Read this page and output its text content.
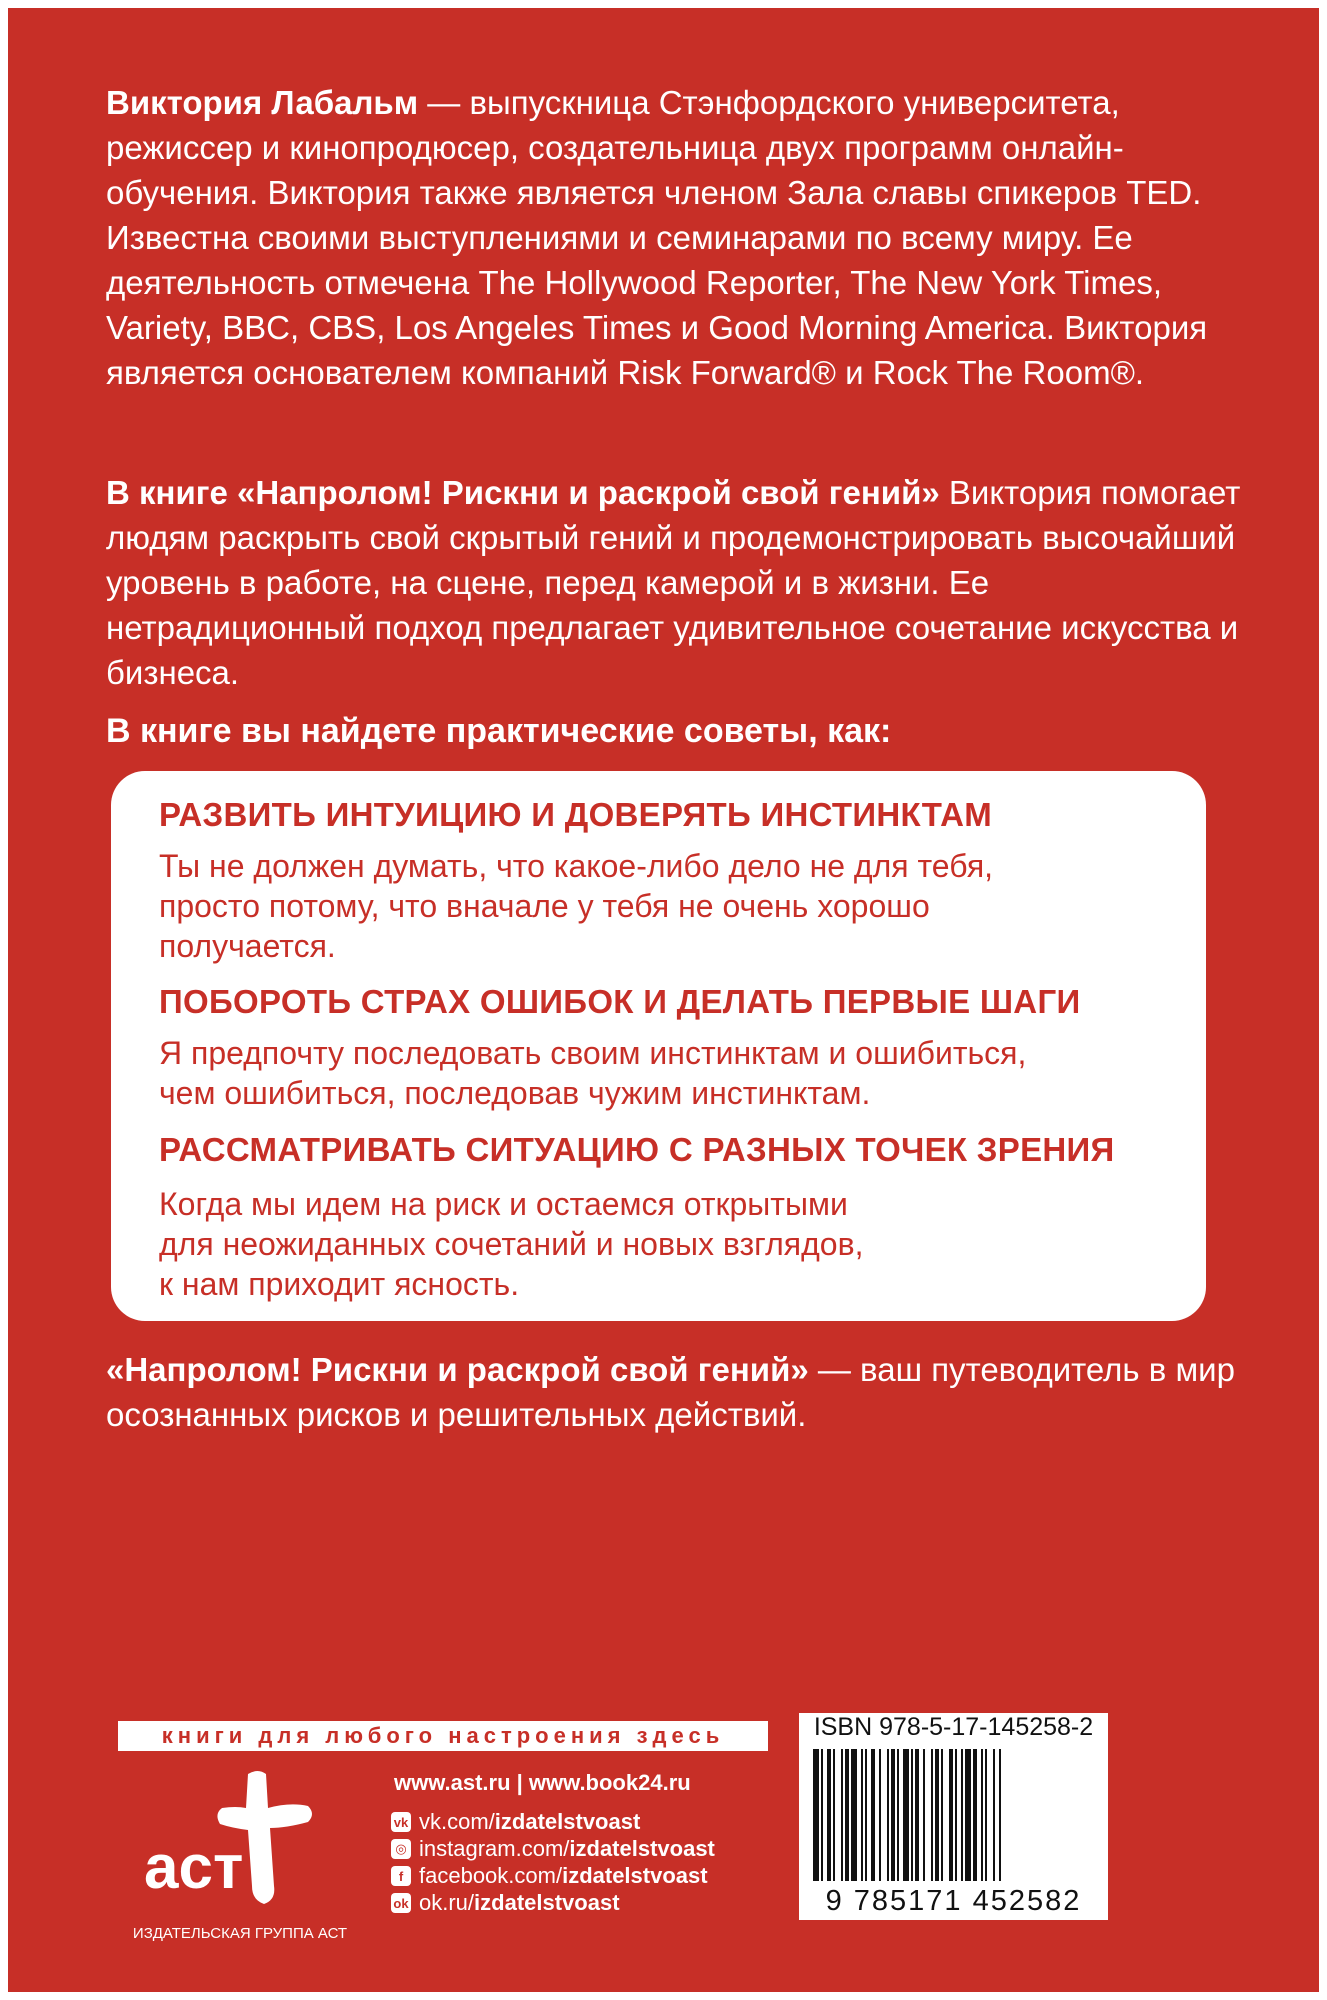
Виктория Лабальм — выпускница Стэнфордского университета, режиссер и кинопродюсер, создательница двух программ онлайн-обучения. Виктория также является членом Зала славы спикеров TED. Известна своими выступлениями и семинарами по всему миру. Ее деятельность отмечена The Hollywood Reporter, The New York Times, Variety, BBC, CBS, Los Angeles Times и Good Morning America. Виктория является основателем компаний Risk Forward® и Rock The Room®.

В книге «Напролом! Рискни и раскрой свой гений» Виктория помогает людям раскрыть свой скрытый гений и продемонстрировать высочайший уровень в работе, на сцене, перед камерой и в жизни. Ее нетрадиционный подход предлагает удивительное сочетание искусства и бизнеса.

В книге вы найдете практические советы, как:

РАЗВИТЬ ИНТУИЦИЮ И ДОВЕРЯТЬ ИНСТИНКТАМ

Ты не должен думать, что какое-либо дело не для тебя,
просто потому, что вначале у тебя не очень хорошо
получается.

ПОБОРОТЬ СТРАХ ОШИБОК И ДЕЛАТЬ ПЕРВЫЕ ШАГИ

Я предпочту последовать своим инстинктам и ошибиться,
чем ошибиться, последовав чужим инстинктам.

РАССМАТРИВАТЬ СИТУАЦИЮ С РАЗНЫХ ТОЧЕК ЗРЕНИЯ

Когда мы идем на риск и остаемся открытыми
для неожиданных сочетаний и новых взглядов,
к нам приходит ясность.

«Напролом! Рискни и раскрой свой гений» — ваш путеводитель в мир осознанных рисков и решительных действий.

книги для любого настроения здесь
аст
ИЗДАТЕЛЬСКАЯ ГРУППА АСТ

www.ast.ru | www.book24.ru

vk vk.com/ izdatelstvoast
◎ instagram.com/ izdatelstvoast
f facebook.com/ izdatelstvoast
ok ok.ru/ izdatelstvoast
ISBN 978-5-17-145258-2
9 785171 452582
